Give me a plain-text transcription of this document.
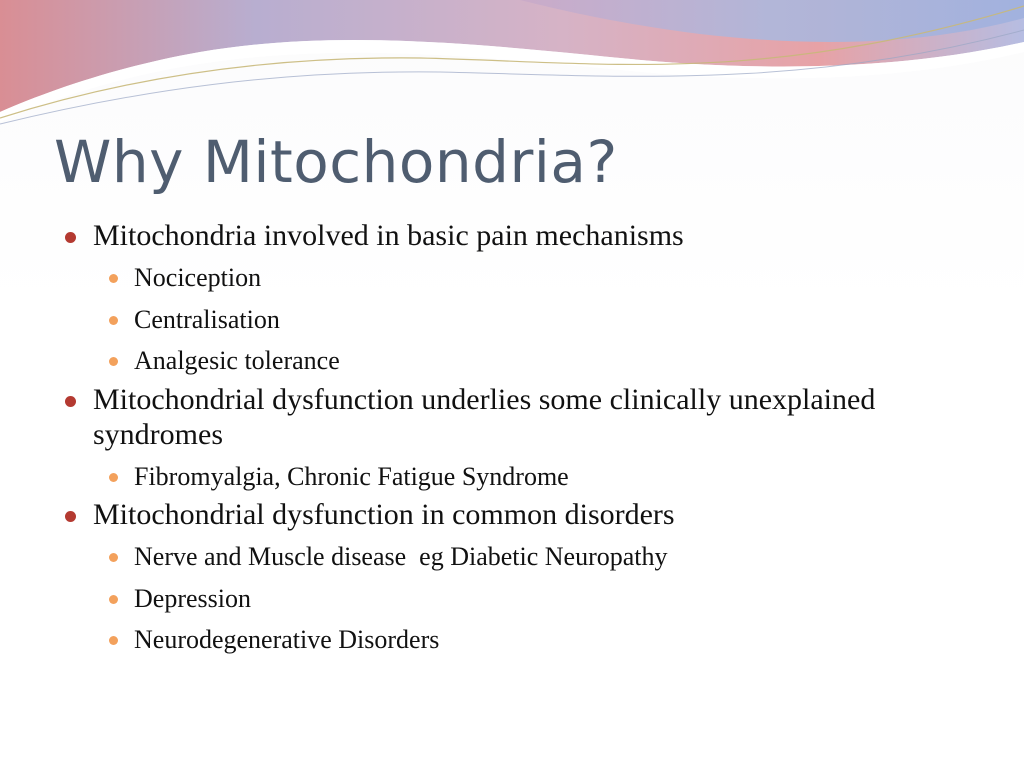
Why Mitochondria?
Mitochondria involved in basic pain mechanisms
Nociception
Centralisation
Analgesic tolerance
Mitochondrial dysfunction underlies some clinically unexplained syndromes
Fibromyalgia, Chronic Fatigue Syndrome
Mitochondrial dysfunction in common disorders
Nerve and Muscle disease  eg Diabetic Neuropathy
Depression
Neurodegenerative Disorders
